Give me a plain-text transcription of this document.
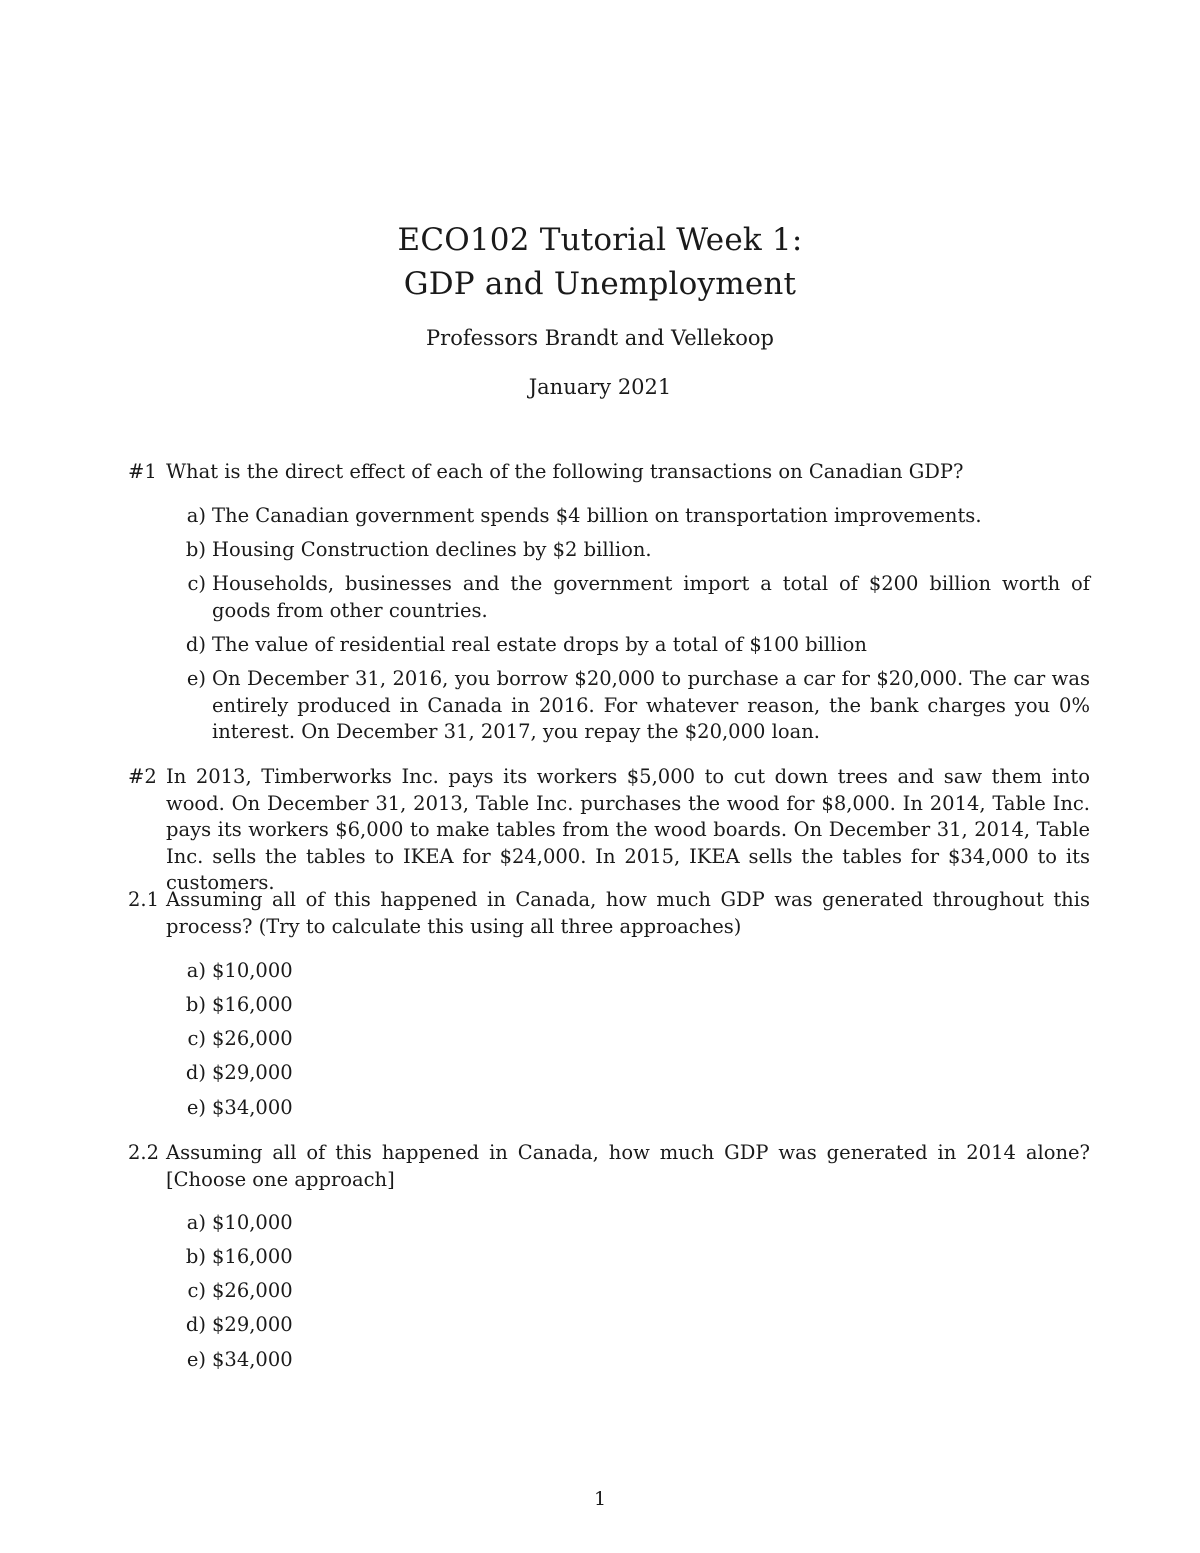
ECO102 Tutorial Week 1:
GDP and Unemployment
Professors Brandt and Vellekoop
January 2021
#1 What is the direct effect of each of the following transactions on Canadian GDP?
a) The Canadian government spends $4 billion on transportation improvements.
b) Housing Construction declines by $2 billion.
c) Households, businesses and the government import a total of $200 billion worth of goods from other countries.
d) The value of residential real estate drops by a total of $100 billion
e) On December 31, 2016, you borrow $20,000 to purchase a car for $20,000. The car was entirely produced in Canada in 2016. For whatever reason, the bank charges you 0% interest. On December 31, 2017, you repay the $20,000 loan.
#2 In 2013, Timberworks Inc. pays its workers $5,000 to cut down trees and saw them into wood. On December 31, 2013, Table Inc. purchases the wood for $8,000. In 2014, Table Inc. pays its workers $6,000 to make tables from the wood boards. On December 31, 2014, Table Inc. sells the tables to IKEA for $24,000. In 2015, IKEA sells the tables for $34,000 to its customers.
2.1 Assuming all of this happened in Canada, how much GDP was generated throughout this process? (Try to calculate this using all three approaches)
a) $10,000
b) $16,000
c) $26,000
d) $29,000
e) $34,000
2.2 Assuming all of this happened in Canada, how much GDP was generated in 2014 alone? [Choose one approach]
a) $10,000
b) $16,000
c) $26,000
d) $29,000
e) $34,000
1
